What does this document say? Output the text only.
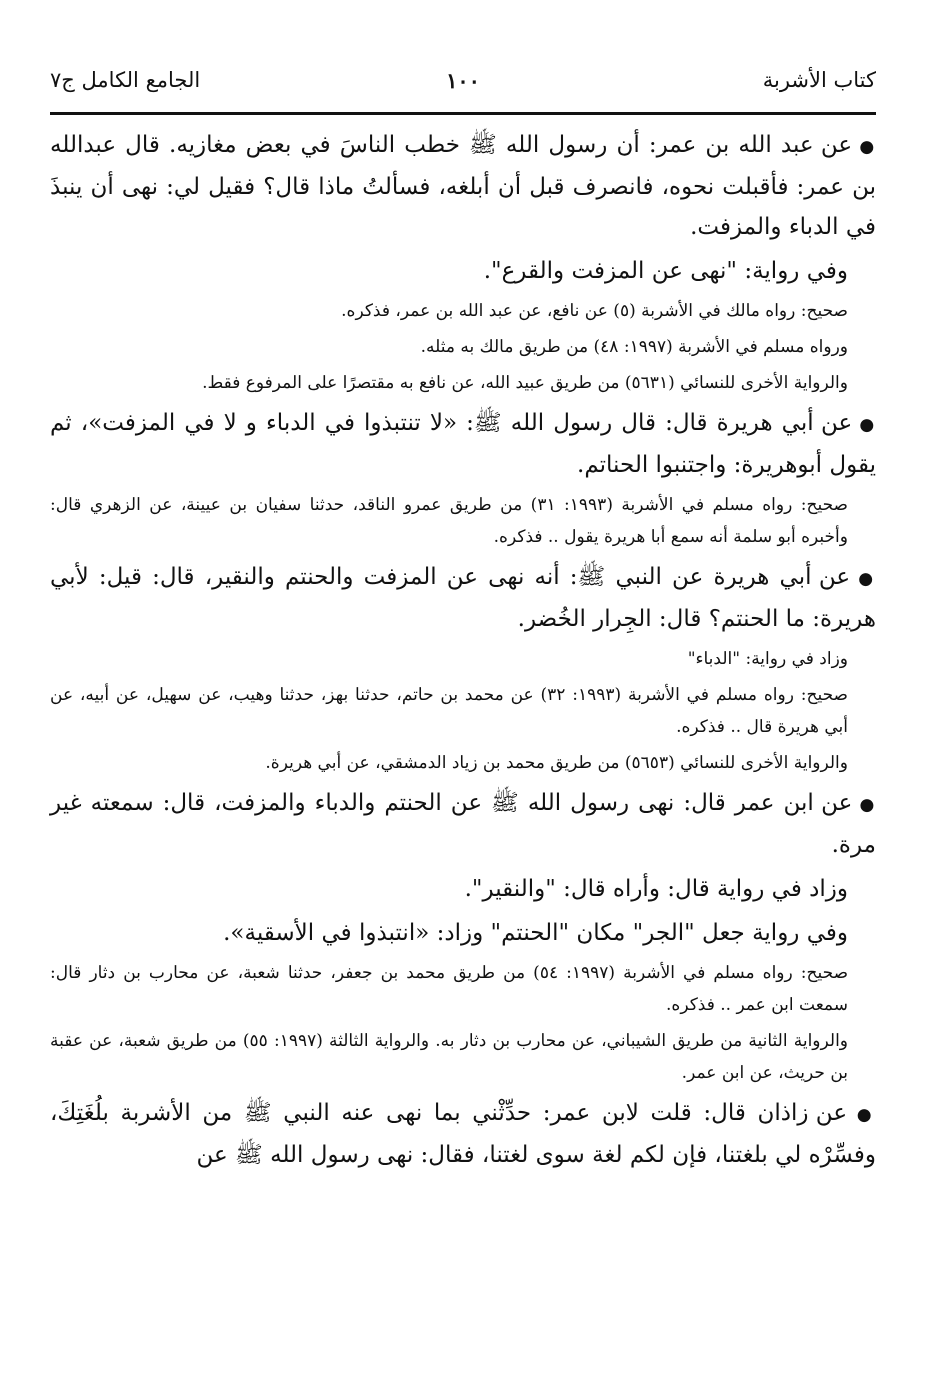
كتاب الأشربة
١٠٠
الجامع الكامل ج٧

● عن عبد الله بن عمر: أن رسول الله ﷺ خطب الناسَ في بعض مغازيه. قال عبدالله بن عمر: فأقبلت نحوه، فانصرف قبل أن أبلغه، فسألتُ ماذا قال؟ فقيل لي: نهى أن ينبذَ في الدباء والمزفت.

وفي رواية: "نهى عن المزفت والقرع".

صحيح: رواه مالك في الأشربة (٥) عن نافع، عن عبد الله بن عمر، فذكره.

ورواه مسلم في الأشربة (١٩٩٧: ٤٨) من طريق مالك به مثله.

والرواية الأخرى للنسائي (٥٦٣١) من طريق عبيد الله، عن نافع به مقتصرًا على المرفوع فقط.

● عن أبي هريرة قال: قال رسول الله ﷺ: «لا تنتبذوا في الدباء و لا في المزفت»، ثم يقول أبوهريرة: واجتنبوا الحناتم.

صحيح: رواه مسلم في الأشربة (١٩٩٣: ٣١) من طريق عمرو الناقد، حدثنا سفيان بن عيينة، عن الزهري قال: وأخبره أبو سلمة أنه سمع أبا هريرة يقول .. فذكره.

● عن أبي هريرة عن النبي ﷺ: أنه نهى عن المزفت والحنتم والنقير، قال: قيل: لأبي هريرة: ما الحنتم؟ قال: الجِرار الخُضر.

وزاد في رواية: "الدباء"

صحيح: رواه مسلم في الأشربة (١٩٩٣: ٣٢) عن محمد بن حاتم، حدثنا بهز، حدثنا وهيب، عن سهيل، عن أبيه، عن أبي هريرة قال .. فذكره.

والرواية الأخرى للنسائي (٥٦٥٣) من طريق محمد بن زياد الدمشقي، عن أبي هريرة.

● عن ابن عمر قال: نهى رسول الله ﷺ عن الحنتم والدباء والمزفت، قال: سمعته غير مرة.

وزاد في رواية قال: وأراه قال: "والنقير".

وفي رواية جعل "الجر" مكان "الحنتم" وزاد: «انتبذوا في الأسقية».

صحيح: رواه مسلم في الأشربة (١٩٩٧: ٥٤) من طريق محمد بن جعفر، حدثنا شعبة، عن محارب بن دثار قال: سمعت ابن عمر .. فذكره.

والرواية الثانية من طريق الشيباني، عن محارب بن دثار به. والرواية الثالثة (١٩٩٧: ٥٥) من طريق شعبة، عن عقبة بن حريث، عن ابن عمر.

● عن زاذان قال: قلت لابن عمر: حدِّثْني بما نهى عنه النبي ﷺ من الأشربة بلُغَتِكَ، وفسِّرْه لي بلغتنا، فإن لكم لغة سوى لغتنا، فقال: نهى رسول الله ﷺ عن
